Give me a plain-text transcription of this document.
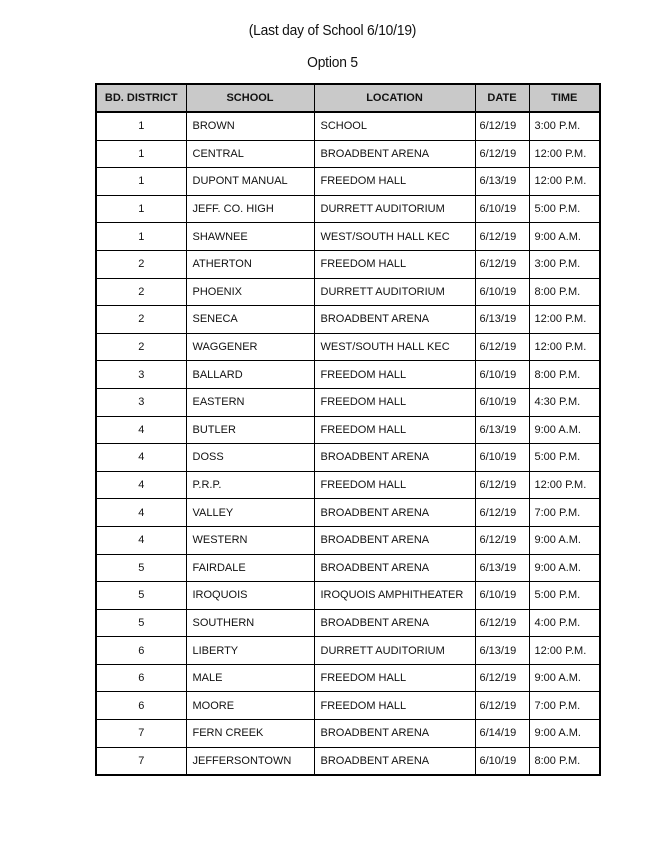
(Last day of School 6/10/19)
Option 5
BD. DISTRICT	SCHOOL	LOCATION	DATE	TIME
1	BROWN	SCHOOL	6/12/19	3:00 P.M.
1	CENTRAL	BROADBENT ARENA	6/12/19	12:00 P.M.
1	DUPONT MANUAL	FREEDOM HALL	6/13/19	12:00 P.M.
1	JEFF. CO. HIGH	DURRETT AUDITORIUM	6/10/19	5:00 P.M.
1	SHAWNEE	WEST/SOUTH HALL KEC	6/12/19	9:00 A.M.
2	ATHERTON	FREEDOM HALL	6/12/19	3:00 P.M.
2	PHOENIX	DURRETT AUDITORIUM	6/10/19	8:00 P.M.
2	SENECA	BROADBENT ARENA	6/13/19	12:00 P.M.
2	WAGGENER	WEST/SOUTH HALL KEC	6/12/19	12:00 P.M.
3	BALLARD	FREEDOM HALL	6/10/19	8:00 P.M.
3	EASTERN	FREEDOM HALL	6/10/19	4:30 P.M.
4	BUTLER	FREEDOM HALL	6/13/19	9:00 A.M.
4	DOSS	BROADBENT ARENA	6/10/19	5:00 P.M.
4	P.R.P.	FREEDOM HALL	6/12/19	12:00 P.M.
4	VALLEY	BROADBENT ARENA	6/12/19	7:00 P.M.
4	WESTERN	BROADBENT ARENA	6/12/19	9:00 A.M.
5	FAIRDALE	BROADBENT ARENA	6/13/19	9:00 A.M.
5	IROQUOIS	IROQUOIS AMPHITHEATER	6/10/19	5:00 P.M.
5	SOUTHERN	BROADBENT ARENA	6/12/19	4:00 P.M.
6	LIBERTY	DURRETT AUDITORIUM	6/13/19	12:00 P.M.
6	MALE	FREEDOM HALL	6/12/19	9:00 A.M.
6	MOORE	FREEDOM HALL	6/12/19	7:00 P.M.
7	FERN CREEK	BROADBENT ARENA	6/14/19	9:00 A.M.
7	JEFFERSONTOWN	BROADBENT ARENA	6/10/19	8:00 P.M.
